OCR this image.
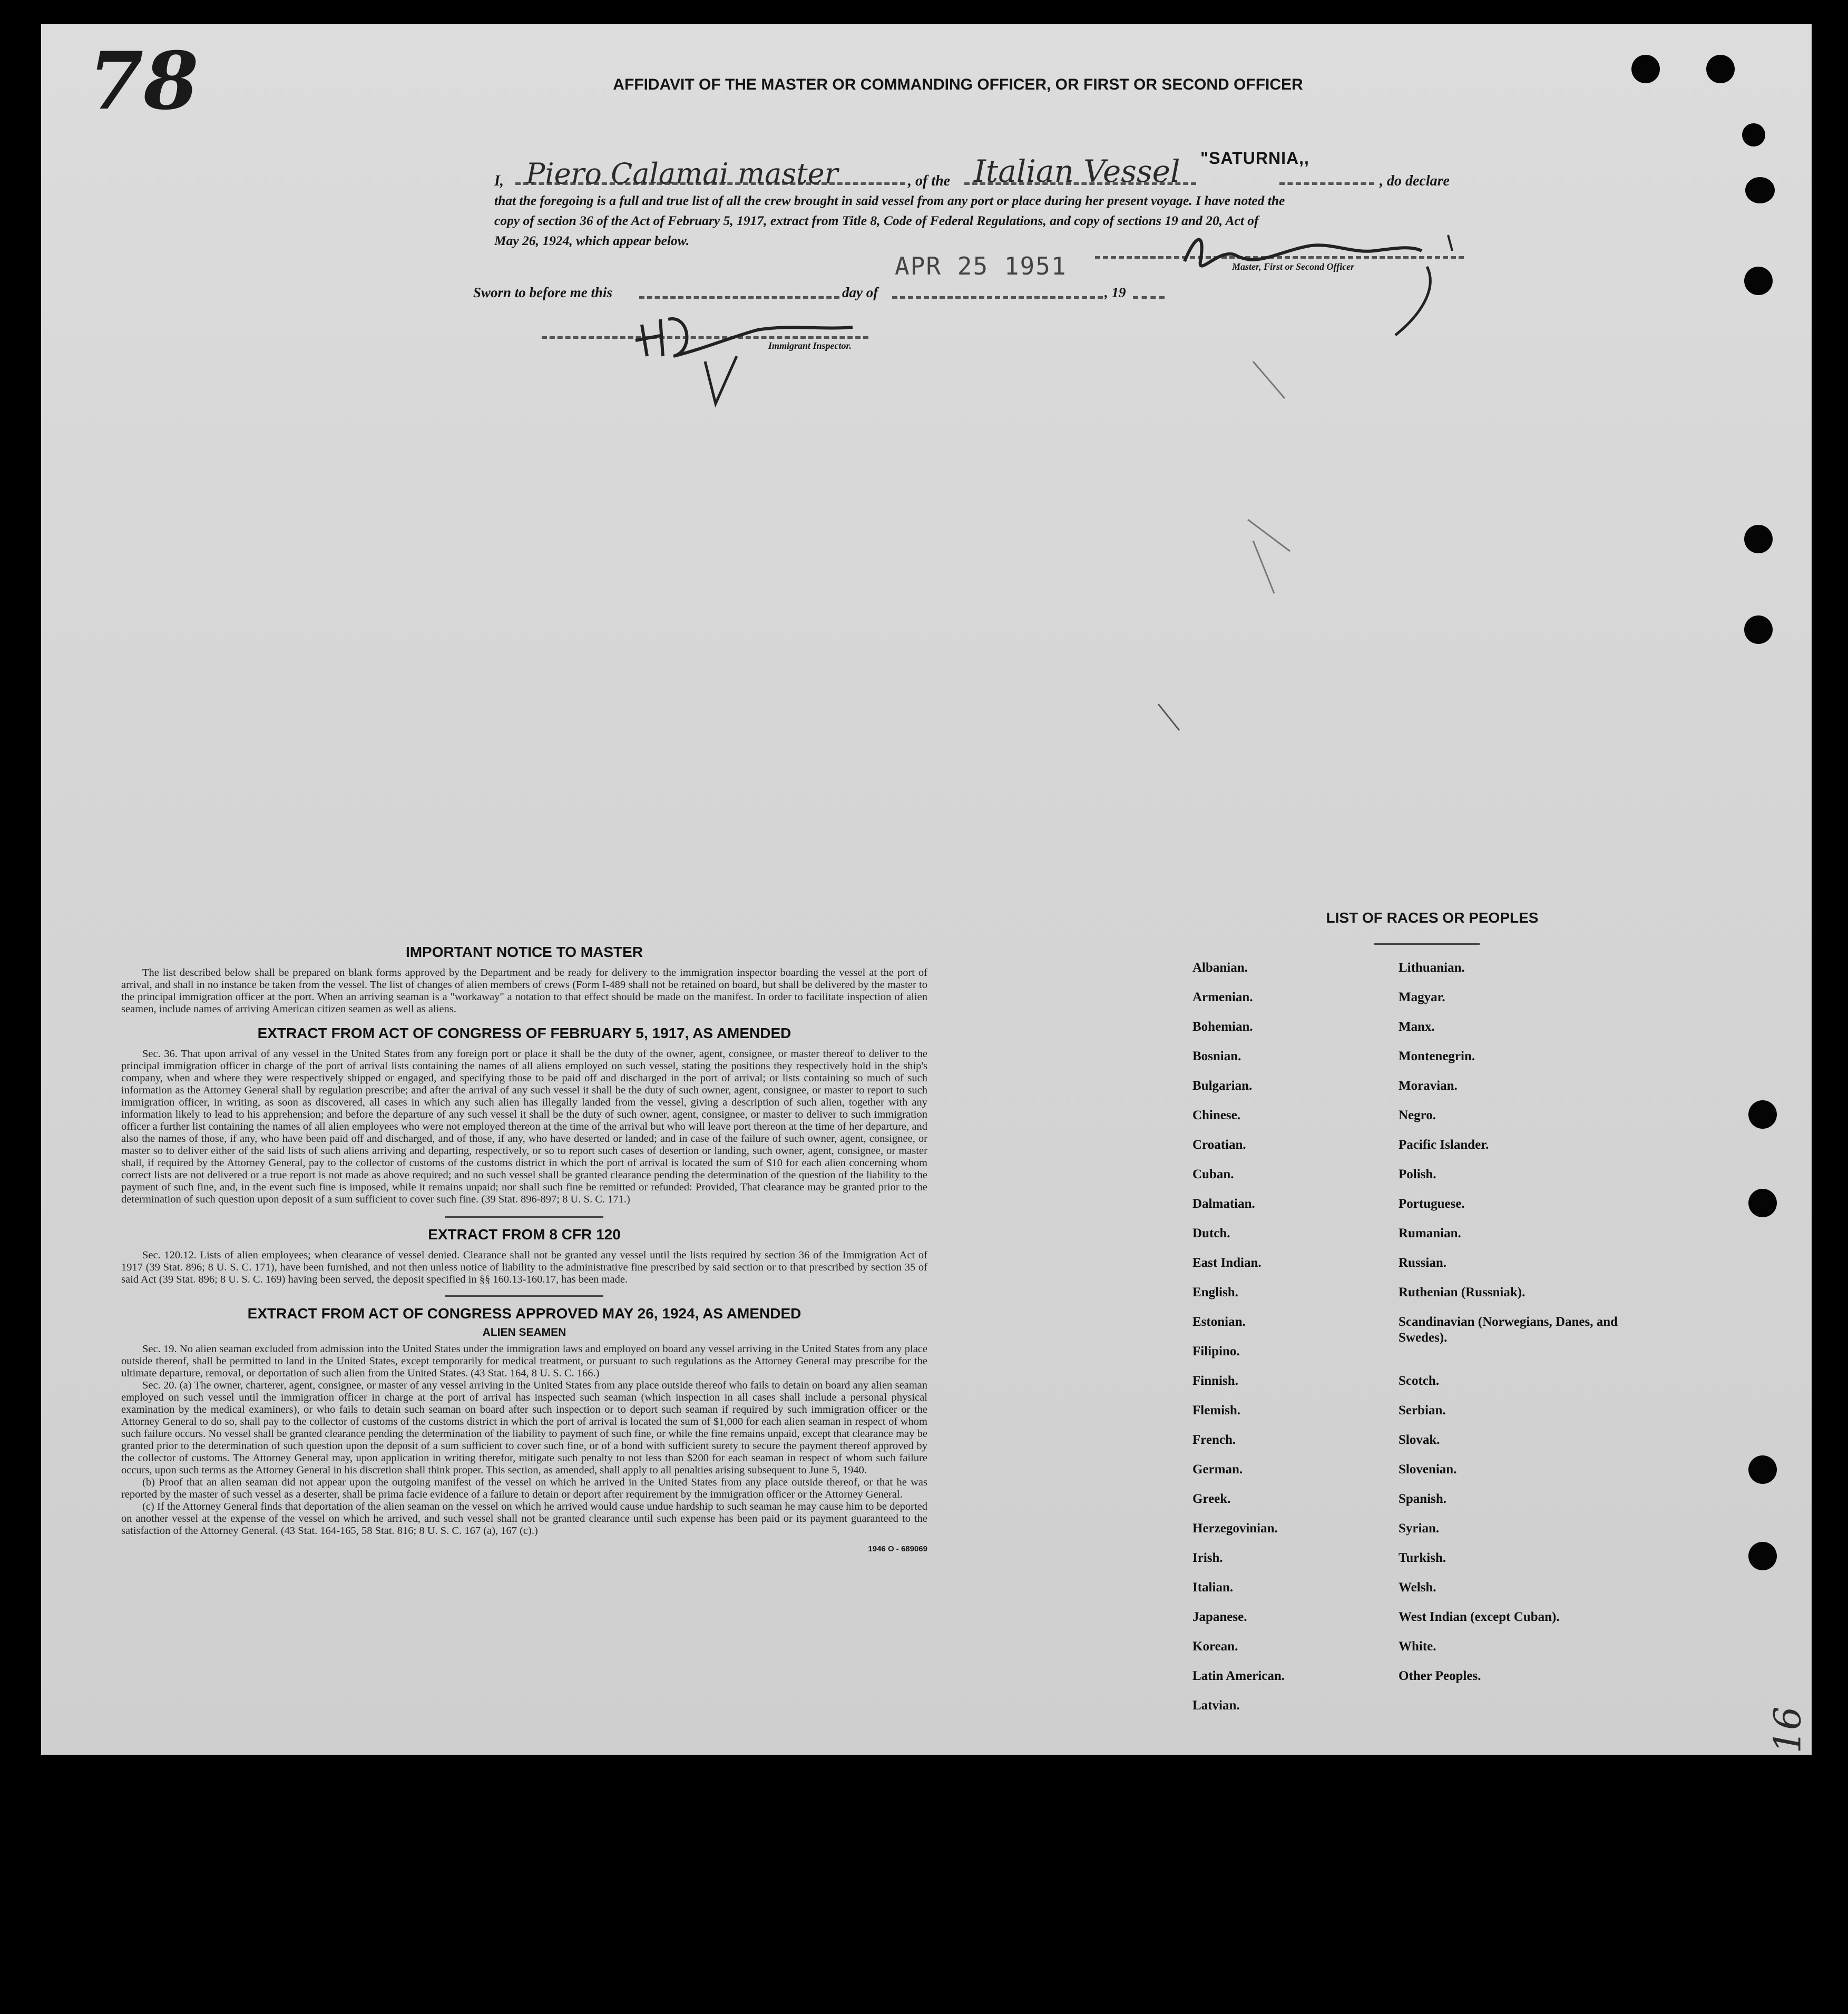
78	AFFIDAVIT OF THE MASTER OR COMMANDING OFFICER, OR FIRST OR SECOND OFFICER
I, Piero Calamai master	, of the Italian Vessel "SATURNIA,,
, do declare
that the foregoing is a full and true list of all the crew brought in said vessel from any port or place during her present voyage. I have noted the
copy of section 36 of the Act of February 5, 1917, extract from Title 8, Code of Federal Regulations, and copy of sections 19 and 20, Act of
May 26, 1924, which appear below.
Master, First or Second Officer
Sworn to before me this	day of	, 19
APR 25 1951
Immigrant Inspector.
IMPORTANT NOTICE TO MASTER

The list described below shall be prepared on blank forms approved by the Department and be ready for delivery to the immigration inspector boarding the vessel at the port of arrival, and shall in no instance be taken from the vessel. The list of changes of alien members of crews (Form I-489 shall not be retained on board, but shall be delivered by the master to the principal immigration officer at the port. When an arriving seaman is a "workaway" a notation to that effect should be made on the manifest. In order to facilitate inspection of alien seamen, include names of arriving American citizen seamen as well as aliens.

EXTRACT FROM ACT OF CONGRESS OF FEBRUARY 5, 1917, AS AMENDED

Sec. 36. That upon arrival of any vessel in the United States from any foreign port or place it shall be the duty of the owner, agent, consignee, or master thereof to deliver to the principal immigration officer in charge of the port of arrival lists containing the names of all aliens employed on such vessel, stating the positions they respectively hold in the ship's company, when and where they were respectively shipped or engaged, and specifying those to be paid off and discharged in the port of arrival; or lists containing so much of such information as the Attorney General shall by regulation prescribe; and after the arrival of any such vessel it shall be the duty of such owner, agent, consignee, or master to report to such immigration officer, in writing, as soon as discovered, all cases in which any such alien has illegally landed from the vessel, giving a description of such alien, together with any information likely to lead to his apprehension; and before the departure of any such vessel it shall be the duty of such owner, agent, consignee, or master to deliver to such immigration officer a further list containing the names of all alien employees who were not employed thereon at the time of the arrival but who will leave port thereon at the time of her departure, and also the names of those, if any, who have been paid off and discharged, and of those, if any, who have deserted or landed; and in case of the failure of such owner, agent, consignee, or master so to deliver either of the said lists of such aliens arriving and departing, respectively, or so to report such cases of desertion or landing, such owner, agent, consignee, or master shall, if required by the Attorney General, pay to the collector of customs of the customs district in which the port of arrival is located the sum of $10 for each alien concerning whom correct lists are not delivered or a true report is not made as above required; and no such vessel shall be granted clearance pending the determination of the question of the liability to the payment of such fine, and, in the event such fine is imposed, while it remains unpaid; nor shall such fine be remitted or refunded: Provided, That clearance may be granted prior to the determination of such question upon deposit of a sum sufficient to cover such fine. (39 Stat. 896-897; 8 U. S. C. 171.)

EXTRACT FROM 8 CFR 120

Sec. 120.12. Lists of alien employees; when clearance of vessel denied. Clearance shall not be granted any vessel until the lists required by section 36 of the Immigration Act of 1917 (39 Stat. 896; 8 U. S. C. 171), have been furnished, and not then unless notice of liability to the administrative fine prescribed by said section or to that prescribed by section 35 of said Act (39 Stat. 896; 8 U. S. C. 169) having been served, the deposit specified in §§ 160.13-160.17, has been made.

EXTRACT FROM ACT OF CONGRESS APPROVED MAY 26, 1924, AS AMENDED
ALIEN SEAMEN

Sec. 19. No alien seaman excluded from admission into the United States under the immigration laws and employed on board any vessel arriving in the United States from any place outside thereof, shall be permitted to land in the United States, except temporarily for medical treatment, or pursuant to such regulations as the Attorney General may prescribe for the ultimate departure, removal, or deportation of such alien from the United States. (43 Stat. 164, 8 U. S. C. 166.)

Sec. 20. (a) The owner, charterer, agent, consignee, or master of any vessel arriving in the United States from any place outside thereof who fails to detain on board any alien seaman employed on such vessel until the immigration officer in charge at the port of arrival has inspected such seaman (which inspection in all cases shall include a personal physical examination by the medical examiners), or who fails to detain such seaman on board after such inspection or to deport such seaman if required by such immigration officer or the Attorney General to do so, shall pay to the collector of customs of the customs district in which the port of arrival is located the sum of $1,000 for each alien seaman in respect of whom such failure occurs. No vessel shall be granted clearance pending the determination of the liability to payment of such fine, or while the fine remains unpaid, except that clearance may be granted prior to the determination of such question upon the deposit of a sum sufficient to cover such fine, or of a bond with sufficient surety to secure the payment thereof approved by the collector of customs. The Attorney General may, upon application in writing therefor, mitigate such penalty to not less than $200 for each seaman in respect of whom such failure occurs, upon such terms as the Attorney General in his discretion shall think proper. This section, as amended, shall apply to all penalties arising subsequent to June 5, 1940.

(b) Proof that an alien seaman did not appear upon the outgoing manifest of the vessel on which he arrived in the United States from any place outside thereof, or that he was reported by the master of such vessel as a deserter, shall be prima facie evidence of a failure to detain or deport after requirement by the immigration officer or the Attorney General.

(c) If the Attorney General finds that deportation of the alien seaman on the vessel on which he arrived would cause undue hardship to such seaman he may cause him to be deported on another vessel at the expense of the vessel on which he arrived, and such vessel shall not be granted clearance until such expense has been paid or its payment guaranteed to the satisfaction of the Attorney General. (43 Stat. 164-165, 58 Stat. 816; 8 U. S. C. 167 (a), 167 (c).)

1946 O - 689069
LIST OF RACES OR PEOPLES
Albanian.
Armenian.
Bohemian.
Bosnian.
Bulgarian.
Chinese.
Croatian.
Cuban.
Dalmatian.
Dutch.
East Indian.
English.
Estonian.
Filipino.
Finnish.
Flemish.
French.
German.
Greek.
Herzegovinian.
Irish.
Italian.
Japanese.
Korean.
Latin American.
Latvian.
Lithuanian.
Magyar.
Manx.
Montenegrin.
Moravian.
Negro.
Pacific Islander.
Polish.
Portuguese.
Rumanian.
Russian.
Ruthenian (Russniak).
Scandinavian (Norwegians, Danes, and Swedes).
Scotch.
Serbian.
Slovak.
Slovenian.
Spanish.
Syrian.
Turkish.
Welsh.
West Indian (except Cuban).
White.
Other Peoples.
16
